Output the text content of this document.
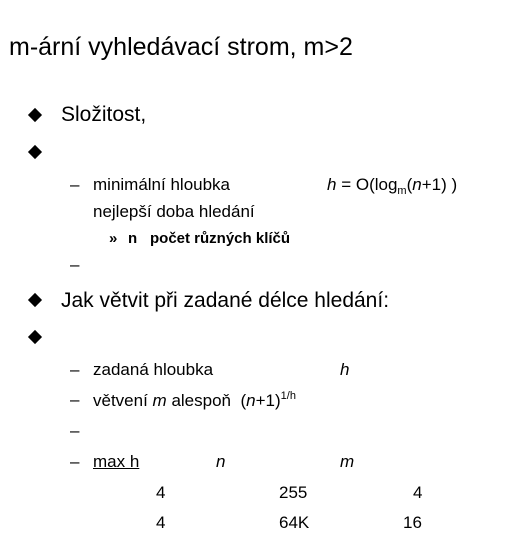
m-ární vyhledávací strom, m>2
Složitost,
– minimální hloubka	$h = O(\log_m(n+1)$ )
nejlepší doba hledání
» n počet různých klíčů
–
Jak větvit při zadané délce hledání:
– zadaná hloubka	h
– větvení m alespoň $(n+1)^{1/h}$
–
– max h	n	m
4	255	4
4	64K	16
